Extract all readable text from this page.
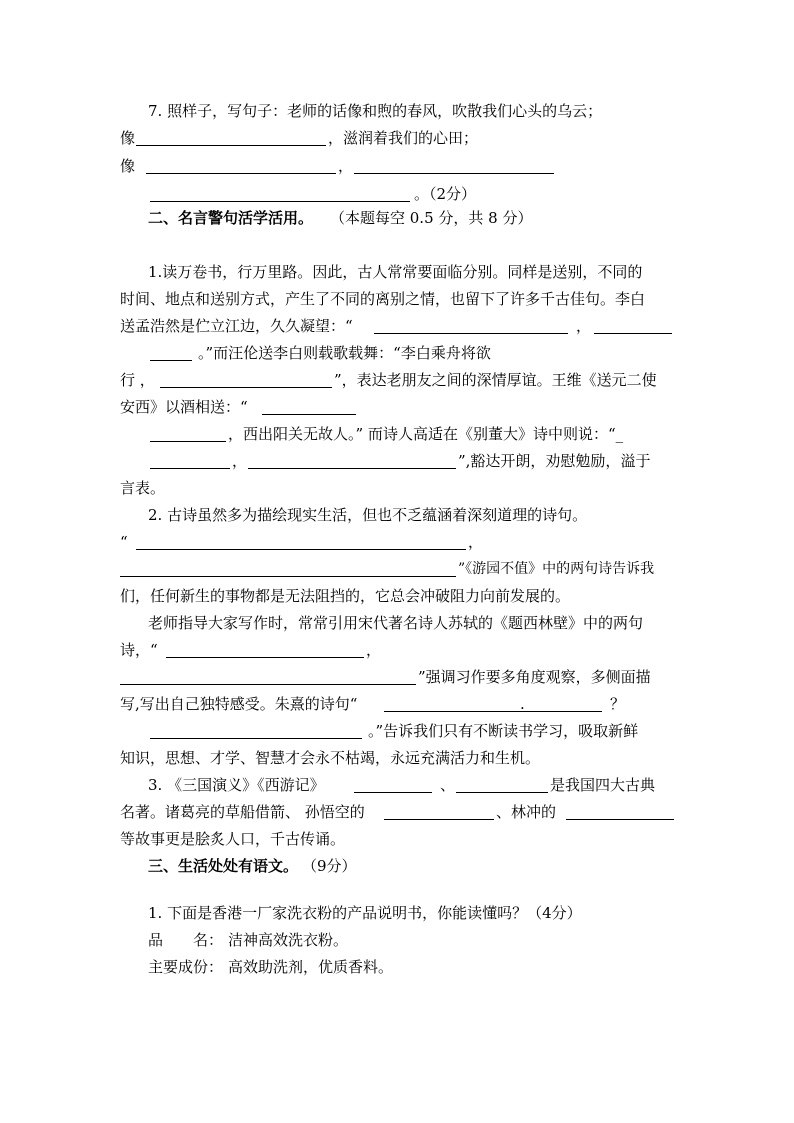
7. 照样子，写句子：老师的话像和煦的春风，吹散我们心头的乌云；
像	，滋润着我们的心田；
像	，
。（2分）
二、名言警句活学活用。 （本题每空 0.5 分，共 8 分）
1.读万卷书，行万里路。因此，古人常常要面临分别。同样是送别，不同的
时间、地点和送别方式，产生了不同的离别之情，也留下了许多千古佳句。李白
送孟浩然是伫立江边，久久凝望：“	，
。”而汪伦送李白则载歌载舞：“李白乘舟将欲
行 ，	”，表达老朋友之间的深情厚谊。王维《送元二使
安西》以酒相送：“
，西出阳关无故人。” 而诗人高适在《别董大》诗中则说：“_
，	”,豁达开朗，劝慰勉励，溢于
言表。
2. 古诗虽然多为描绘现实生活，但也不乏蕴涵着深刻道理的诗句。
“	，
”《游园不值》中的两句诗告诉我
们，任何新生的事物都是无法阻挡的，它总会冲破阻力向前发展的。
老师指导大家写作时，常常引用宋代著名诗人苏轼的《题西林壁》中的两句
诗，“	，
”强调习作要多角度观察，多侧面描
写,写出自己独特感受。朱熹的诗句“	.	？
。”告诉我们只有不断读书学习，吸取新鲜
知识，思想、才学、智慧才会永不枯竭，永远充满活力和生机。
3. 《三国演义》《西游记》	、	是我国四大古典
名著。诸葛亮的草船借箭、 孙悟空的	、林冲的
等故事更是脍炙人口，千古传诵。
三、生活处处有语文。 （9分）
1. 下面是香港一厂家洗衣粉的产品说明书，你能读懂吗？（4分）
品　　名： 洁神高效洗衣粉。
主要成份： 高效助洗剂，优质香料。
